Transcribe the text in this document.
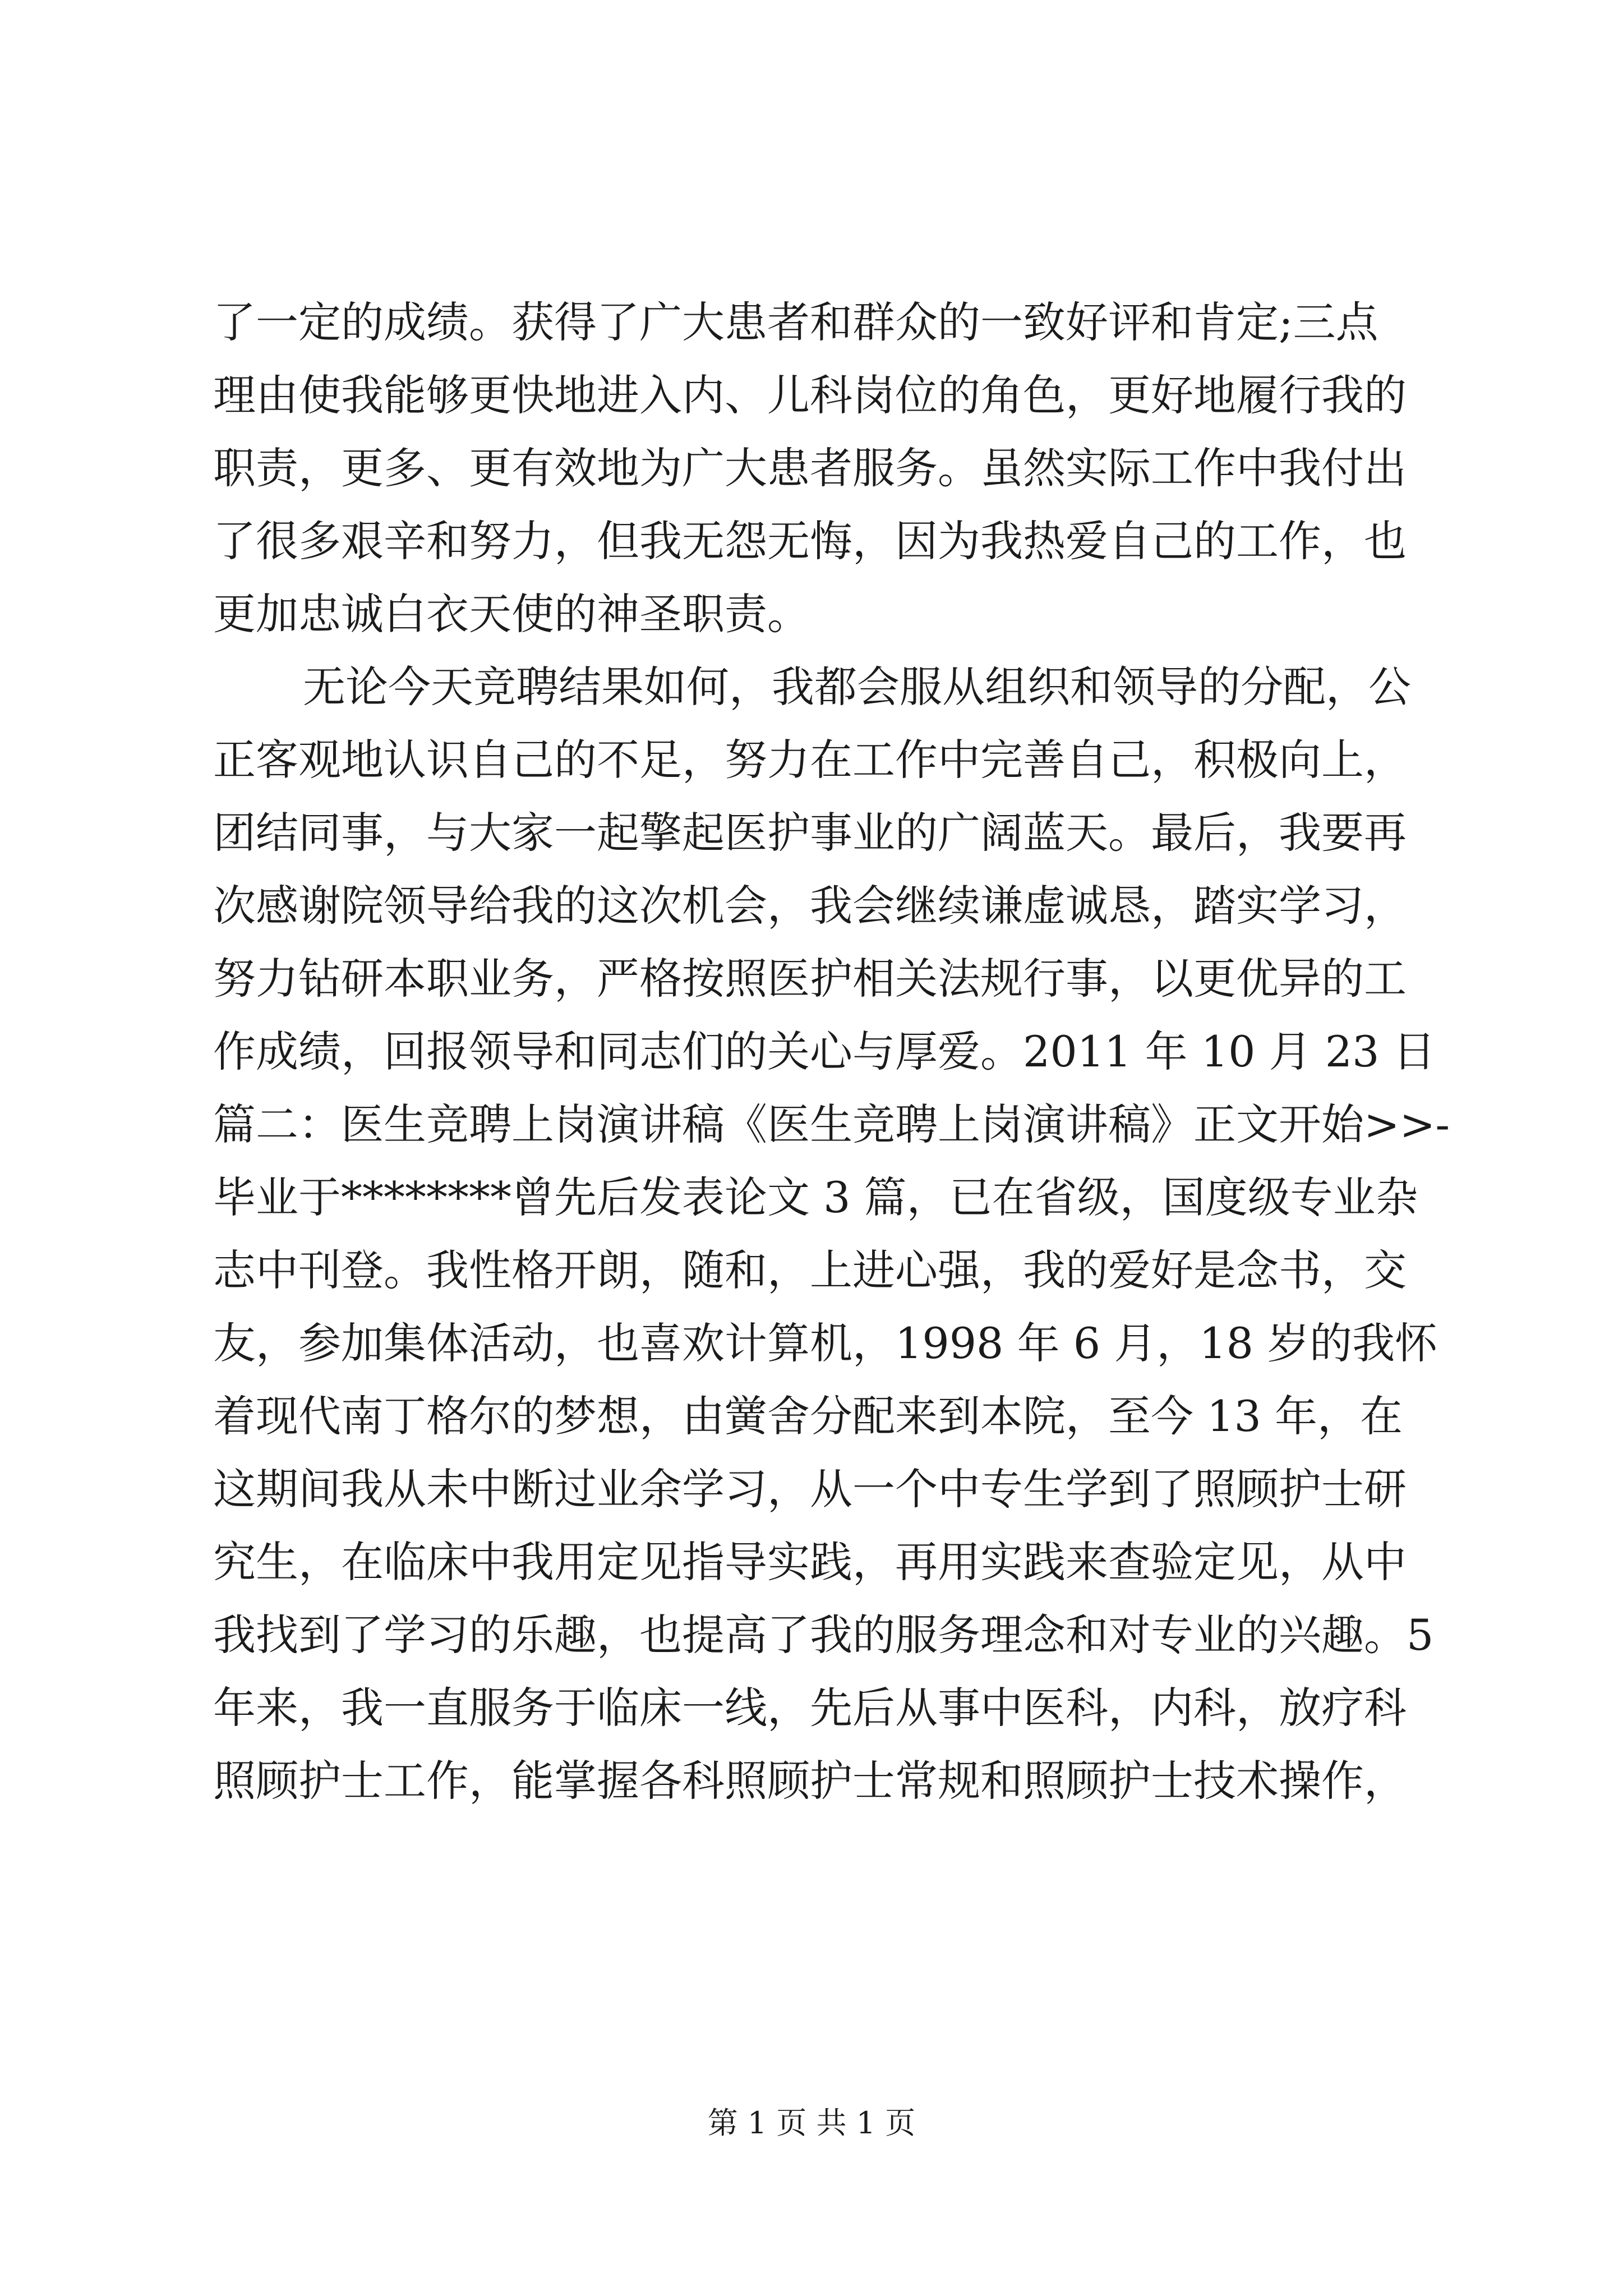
了一定的成绩。获得了广大患者和群众的一致好评和肯定;三点
理由使我能够更快地进入内、儿科岗位的角色，更好地履行我的
职责，更多、更有效地为广大患者服务。虽然实际工作中我付出
了很多艰辛和努力，但我无怨无悔，因为我热爱自己的工作，也
更加忠诚白衣天使的神圣职责。
无论今天竞聘结果如何，我都会服从组织和领导的分配，公
正客观地认识自己的不足，努力在工作中完善自己，积极向上，
团结同事，与大家一起擎起医护事业的广阔蓝天。最后，我要再
次感谢院领导给我的这次机会，我会继续谦虚诚恳，踏实学习，
努力钻研本职业务，严格按照医护相关法规行事，以更优异的工
作成绩，回报领导和同志们的关心与厚爱。2011 年 10 月 23 日
篇二：医生竞聘上岗演讲稿《医生竞聘上岗演讲稿》正文开始>>-
毕业于********曾先后发表论文 3 篇，已在省级，国度级专业杂
志中刊登。我性格开朗，随和，上进心强，我的爱好是念书，交
友，参加集体活动，也喜欢计算机，1998 年 6 月，18 岁的我怀
着现代南丁格尔的梦想，由黉舍分配来到本院，至今 13 年，在
这期间我从未中断过业余学习，从一个中专生学到了照顾护士研
究生，在临床中我用定见指导实践，再用实践来查验定见，从中
我找到了学习的乐趣，也提高了我的服务理念和对专业的兴趣。5
年来，我一直服务于临床一线，先后从事中医科，内科，放疗科
照顾护士工作，能掌握各科照顾护士常规和照顾护士技术操作，
第 1 页 共 1 页
